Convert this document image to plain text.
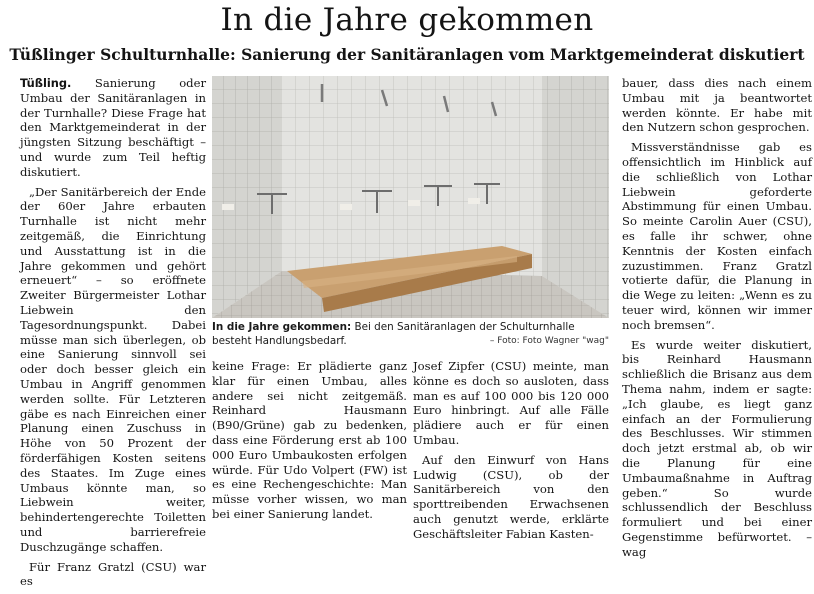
In die Jahre gekommen
Tüßlinger Schulturnhalle: Sanierung der Sanitäranlagen vom Marktgemeinderat diskutiert

Tüßling. Sanierung oder Umbau der Sanitäranlagen in der Turnhalle? Diese Frage hat den Marktgemeinderat in der jüngsten Sitzung beschäftigt – und wurde zum Teil heftig diskutiert.

„Der Sanitärbereich der Ende der 60er Jahre erbauten Turnhalle ist nicht mehr zeitgemäß, die Einrichtung und Ausstattung ist in die Jahre gekommen und gehört erneuert“ – so eröffnete Zweiter Bürgermeister Lothar Liebwein den Tagesordnungspunkt. Dabei müsse man sich überlegen, ob eine Sanierung sinnvoll sei oder doch besser gleich ein Umbau in Angriff genommen werden sollte. Für Letzteren gäbe es nach Einreichen einer Planung einen Zuschuss in Höhe von 50 Prozent der förderfähigen Kosten seitens des Staates. Im Zuge eines Umbaus könnte man, so Liebwein weiter, behindertengerechte Toiletten und barrierefreie Duschzugänge schaffen.

Für Franz Gratzl (CSU) war es

In die Jahre gekommen: Bei den Sanitäranlagen der Schulturnhalle besteht Handlungsbedarf.	– Foto: Foto Wagner "wag"

keine Frage: Er plädierte ganz klar für einen Umbau, alles andere sei nicht zeitgemäß. Reinhard Hausmann (B90/Grüne) gab zu bedenken, dass eine Förderung erst ab 100 000 Euro Umbaukosten erfolgen würde. Für Udo Volpert (FW) ist es eine Rechengeschichte: Man müsse vorher wissen, wo man bei einer Sanierung landet.

Josef Zipfer (CSU) meinte, man könne es doch so ausloten, dass man es auf 100 000 bis 120 000 Euro hinbringt. Auf alle Fälle plädiere auch er für einen Umbau.

Auf den Einwurf von Hans Ludwig (CSU), ob der Sanitärbereich von den sporttreibenden Erwachsenen auch genutzt werde, erklärte Geschäftsleiter Fabian Kasten-

bauer, dass dies nach einem Umbau mit ja beantwortet werden könnte. Er habe mit den Nutzern schon gesprochen.

Missverständnisse gab es offensichtlich im Hinblick auf die schließlich von Lothar Liebwein geforderte Abstimmung für einen Umbau. So meinte Carolin Auer (CSU), es falle ihr schwer, ohne Kenntnis der Kosten einfach zuzustimmen. Franz Gratzl votierte dafür, die Planung in die Wege zu leiten: „Wenn es zu teuer wird, können wir immer noch bremsen“.

Es wurde weiter diskutiert, bis Reinhard Hausmann schließlich die Brisanz aus dem Thema nahm, indem er sagte: „Ich glaube, es liegt ganz einfach an der Formulierung des Beschlusses. Wir stimmen doch jetzt erstmal ab, ob wir die Planung für eine Umbaumaßnahme in Auftrag geben.“ So wurde schlussendlich der Beschluss formuliert und bei einer Gegenstimme befürwortet. – wag
